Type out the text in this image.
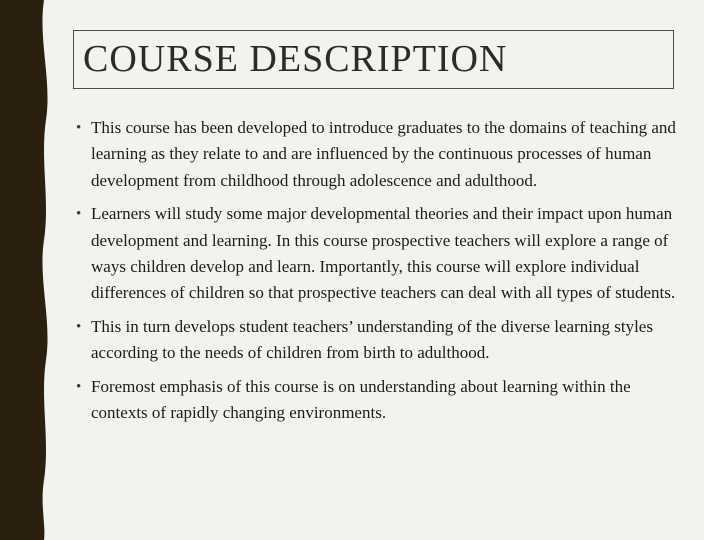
COURSE DESCRIPTION
• This course has been developed to introduce graduates to the domains of teaching and learning as they relate to and are influenced by the continuous processes of human development from childhood through adolescence and adulthood.
• Learners will study some major developmental theories and their impact upon human development and learning. In this course prospective teachers will explore a range of ways children develop and learn. Importantly, this course will explore individual differences of children so that prospective teachers can deal with all types of students.
• This in turn develops student teachers’ understanding of the diverse learning styles according to the needs of children from birth to adulthood.
• Foremost emphasis of this course is on understanding about learning within the contexts of rapidly changing environments.
